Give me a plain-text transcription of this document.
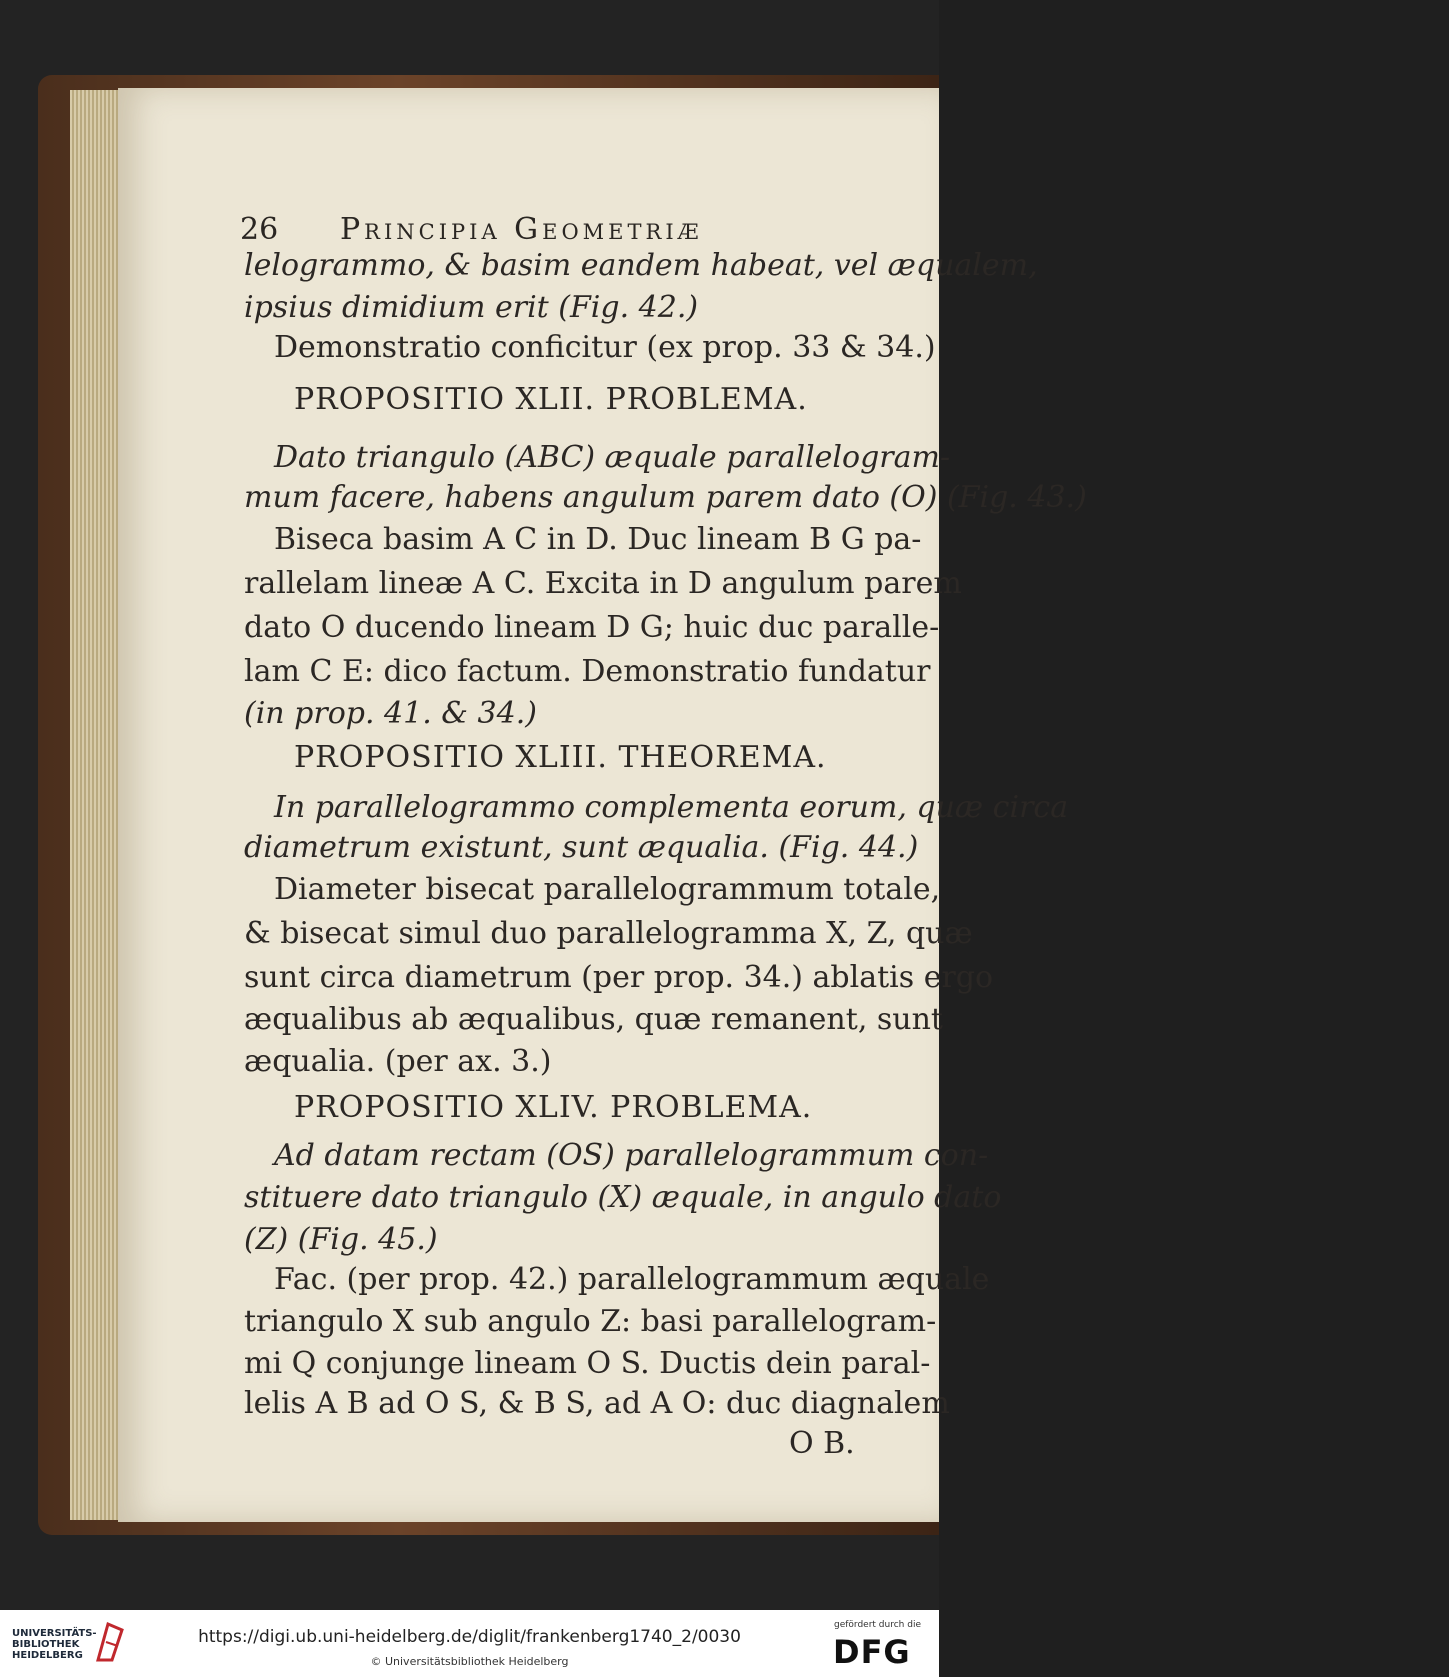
26 Principia Geometriæ
lelogrammo, & basim eandem habeat, vel æqualem,
ipsius dimidium erit (Fig. 42.)
Demonstratio conficitur (ex prop. 33 & 34.)
PROPOSITIO XLII. PROBLEMA.
Dato triangulo (ABC) æquale parallelogram-
mum facere, habens angulum parem dato (O) (Fig. 43.)
Biseca basim A C in D. Duc lineam B G pa-
rallelam lineæ A C. Excita in D angulum parem
dato O ducendo lineam D G; huic duc paralle-
lam C E: dico factum. Demonstratio fundatur
(in prop. 41. & 34.)
PROPOSITIO XLIII. THEOREMA.
In parallelogrammo complementa eorum, quæ circa
diametrum existunt, sunt æqualia. (Fig. 44.)
Diameter bisecat parallelogrammum totale,
& bisecat simul duo parallelogramma X, Z, quæ
sunt circa diametrum (per prop. 34.) ablatis ergo
æqualibus ab æqualibus, quæ remanent, sunt
æqualia. (per ax. 3.)
PROPOSITIO XLIV. PROBLEMA.
Ad datam rectam (OS) parallelogrammum con-
stituere dato triangulo (X) æquale, in angulo dato
(Z) (Fig. 45.)
Fac. (per prop. 42.) parallelogrammum æquale
triangulo X sub angulo Z: basi parallelogram-
mi Q conjunge lineam O S. Ductis dein paral-
lelis A B ad O S, & B S, ad A O: duc diagnalem
O B.
UNIVERSITÄTS-
BIBLIOTHEK
HEIDELBERG
https://digi.ub.uni-heidelberg.de/diglit/frankenberg1740_2/0030
© Universitätsbibliothek Heidelberg
gefördert durch die
DFG
